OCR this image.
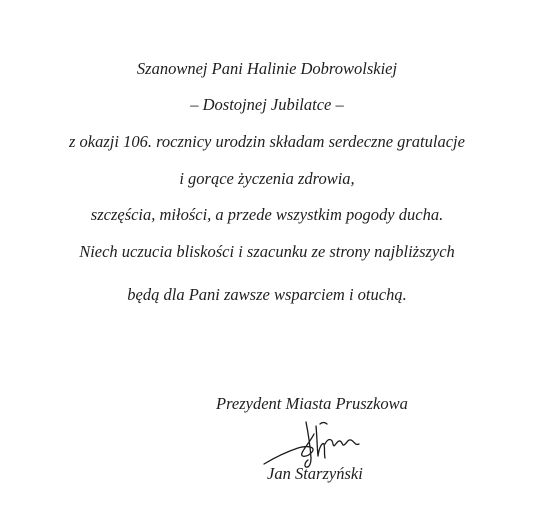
Szanownej Pani Halinie Dobrowolskiej
– Dostojnej Jubilatce –
z okazji 106. rocznicy urodzin składam serdeczne gratulacje
i gorące życzenia zdrowia,
szczęścia, miłości, a przede wszystkim pogody ducha.
Niech uczucia bliskości i szacunku ze strony najbliższych
będą dla Pani zawsze wsparciem i otuchą.
Prezydent Miasta Pruszkowa
Jan Starzyński
